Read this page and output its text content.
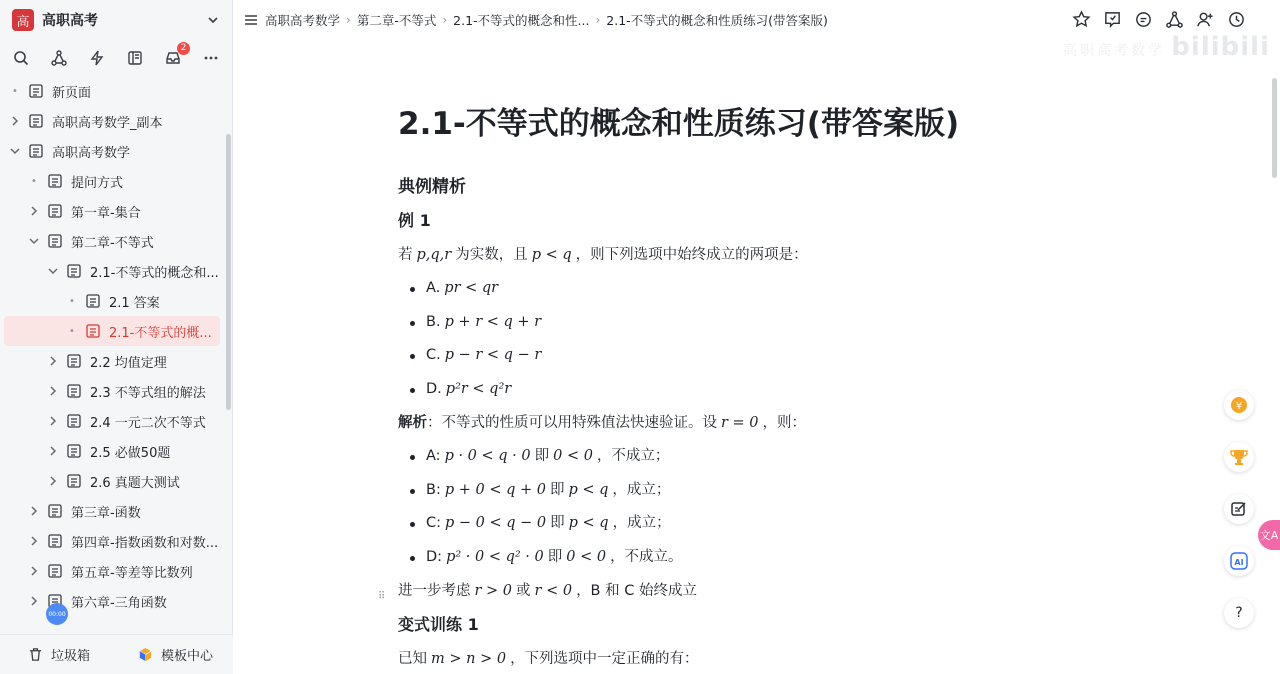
高 高职高考
2
•	新页面
高职高考数学_副本
高职高考数学
•	提问方式
第一章-集合
第二章-不等式
2.1-不等式的概念和...
•	2.1 答案
•	2.1-不等式的概...
2.2 均值定理
2.3 不等式组的解法
2.4 一元二次不等式
2.5 必做50题
2.6 真题大测试
第三章-函数
第四章-指数函数和对数...
第五章-等差等比数列
第六章-三角函数
00:00
垃圾箱	模板中心
高职高考数学 › 第二章-不等式 › 2.1-不等式的概念和性... › 2.1-不等式的概念和性质练习(带答案版)
bilibili
高职高考数学
2.1-不等式的概念和性质练习(带答案版)
典例精析
例 1

若 p,q,r 为实数，且 p < q ，则下列选项中始终成立的两项是：

A. pr < qr
B. p + r < q + r
C. p − r < q − r
D. p²r < q²r

解析：不等式的性质可以用特殊值法快速验证。设 r = 0 ，则：

A: p · 0 < q · 0 即 0 < 0 ，不成立；
B: p + 0 < q + 0 即 p < q ，成立；
C: p − 0 < q − 0 即 p < q ，成立；
D: p² · 0 < q² · 0 即 0 < 0 ，不成立。

进一步考虑 r > 0 或 r < 0 ，B 和 C 始终成立

变式训练 1

已知 m > n > 0 ，下列选项中一定正确的有：

⠿
¥
AI
?
文A
